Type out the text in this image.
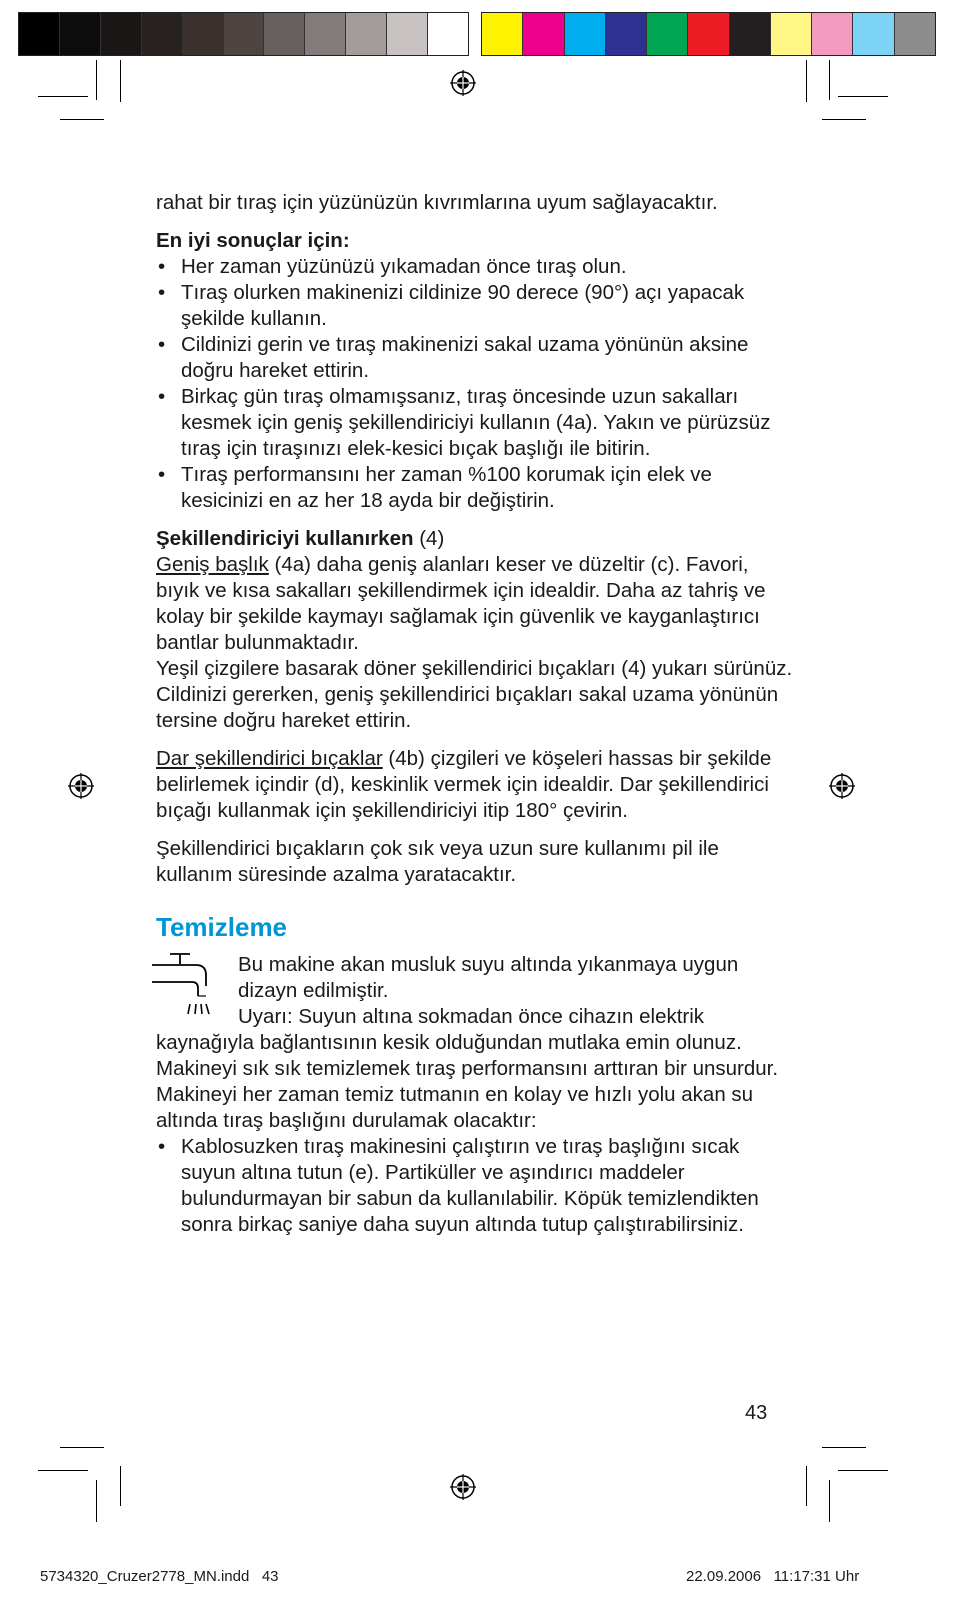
rahat bir tıraş için yüzünüzün kıvrımlarına uyum sağlayacaktır.

En iyi sonuçlar için:

• Her zaman yüzünüzü yıkamadan önce tıraş olun.
• Tıraş olurken makinenizi cildinize 90 derece (90°) açı yapacak şekilde kullanın.
• Cildinizi gerin ve tıraş makinenizi sakal uzama yönünün aksine doğru hareket ettirin.
• Birkaç gün tıraş olmamışsanız, tıraş öncesinde uzun sakalları kesmek için geniş şekillendiriciyi kullanın (4a). Yakın ve pürüzsüz tıraş için tıraşınızı elek-kesici bıçak başlığı ile bitirin.
• Tıraş performansını her zaman %100 korumak için elek ve kesicinizi en az her 18 ayda bir değiştirin.

Şekillendiriciyi kullanırken (4)

Geniş başlık (4a) daha geniş alanları keser ve düzeltir (c). Favori, bıyık ve kısa sakalları şekillendirmek için idealdir. Daha az tahriş ve kolay bir şekilde kaymayı sağlamak için güvenlik ve kayganlaştırıcı bantlar bulunmaktadır.

Yeşil çizgilere basarak döner şekillendirici bıçakları (4) yukarı sürünüz.

Cildinizi gererken, geniş şekillendirici bıçakları sakal uzama yönünün tersine doğru hareket ettirin.

Dar şekillendirici bıçaklar (4b) çizgileri ve köşeleri hassas bir şekilde belirlemek içindir (d), keskinlik vermek için idealdir. Dar şekillendirici bıçağı kullanmak için şekillendiriciyi itip 180° çevirin.

Şekillendirici bıçakların çok sık veya uzun sure kullanımı pil ile kullanım süresinde azalma yaratacaktır.

Temizleme

Bu makine akan musluk suyu altında yıkanmaya uygun dizayn edilmiştir.

Uyarı: Suyun altına sokmadan önce cihazın elektrik kaynağıyla bağlantısının kesik olduğundan mutlaka emin olunuz. Makineyi sık sık temizlemek tıraş performansını arttıran bir unsurdur. Makineyi her zaman temiz tutmanın en kolay ve hızlı yolu akan su altında tıraş başlığını durulamak olacaktır:

• Kablosuzken tıraş makinesini çalıştırın ve tıraş başlığını sıcak suyun altına tutun (e). Partiküller ve aşındırıcı maddeler bulundurmayan bir sabun da kullanılabilir. Köpük temizlendikten sonra birkaç saniye daha suyun altında tutup çalıştırabilirsiniz.
43
5734320_Cruzer2778_MN.indd   43	22.09.2006   11:17:31 Uhr
